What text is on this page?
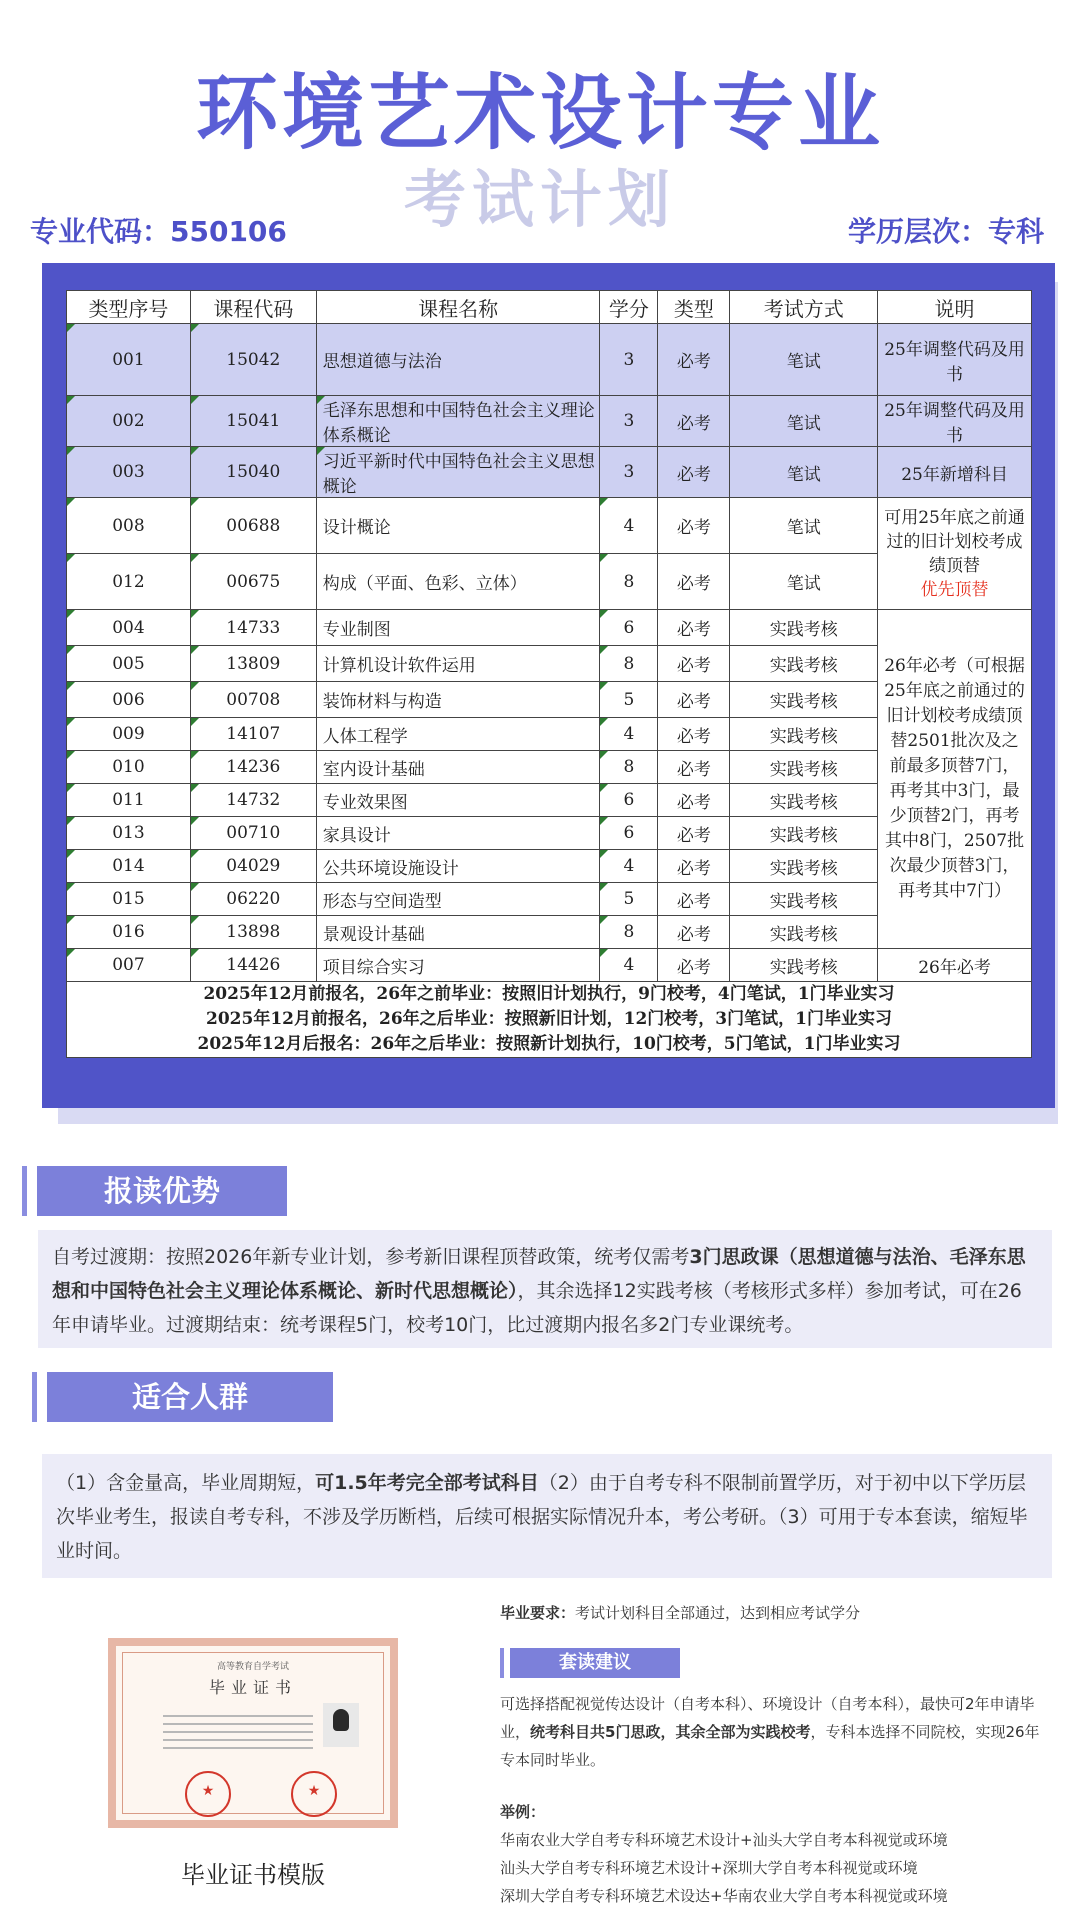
环境艺术设计专业
考试计划
专业代码：550106	学历层次：专科
类型序号	课程代码	课程名称	学分	类型	考试方式	说明
001	15042	思想道德与法治	3	必考	笔试	25年调整代码及用书
002	15041	毛泽东思想和中国特色社会主义理论体系概论	3	必考	笔试	25年调整代码及用书
003	15040	习近平新时代中国特色社会主义思想概论	3	必考	笔试	25年新增科目
008	00688	设计概论	4	必考	笔试	可用25年底之前通过的旧计划校考成绩顶替
优先顶替
012	00675	构成（平面、色彩、立体）	8	必考	笔试	
004	14733	专业制图	6	必考	实践考核	26年必考（可根据25年底之前通过的旧计划校考成绩顶替2501批次及之前最多顶替7门，再考其中3门，最少顶替2门，再考其中8门，2507批次最少顶替3门，再考其中7门）
005	13809	计算机设计软件运用	8	必考	实践考核	
006	00708	装饰材料与构造	5	必考	实践考核	
009	14107	人体工程学	4	必考	实践考核	
010	14236	室内设计基础	8	必考	实践考核	
011	14732	专业效果图	6	必考	实践考核	
013	00710	家具设计	6	必考	实践考核	
014	04029	公共环境设施设计	4	必考	实践考核	
015	06220	形态与空间造型	5	必考	实践考核	
016	13898	景观设计基础	8	必考	实践考核	
007	14426	项目综合实习	4	必考	实践考核	26年必考

2025年12月前报名，26年之前毕业：按照旧计划执行，9门校考，4门笔试，1门毕业实习
2025年12月前报名，26年之后毕业：按照新旧计划，12门校考，3门笔试，1门毕业实习
2025年12月后报名：26年之后毕业：按照新计划执行，10门校考，5门笔试，1门毕业实习						
报读优势
自考过渡期：按照2026年新专业计划，参考新旧课程顶替政策，统考仅需考3门思政课（思想道德与法治、毛泽东思想和中国特色社会主义理论体系概论、新时代思想概论），其余选择12实践考核（考核形式多样）参加考试，可在26年申请毕业。过渡期结束：统考课程5门，校考10门，比过渡期内报名多2门专业课统考。
适合人群
（1）含金量高，毕业周期短，可1.5年考完全部考试科目（2）由于自考专科不限制前置学历，对于初中以下学历层次毕业考生，报读自考专科，不涉及学历断档，后续可根据实际情况升本，考公考研。（3）可用于专本套读，缩短毕业时间。
高等教育自学考试
毕业证书
★
★
毕业证书模版
毕业要求：考试计划科目全部通过，达到相应考试学分
套读建议
可选择搭配视觉传达设计（自考本科）、环境设计（自考本科），最快可2年申请毕业，统考科目共5门思政，其余全部为实践校考，专科本选择不同院校，实现26年专本同时毕业。
举例：
华南农业大学自考专科环境艺术设计+汕头大学自考本科视觉或环境
汕头大学自考专科环境艺术设计+深圳大学自考本科视觉或环境
深圳大学自考专科环境艺术设达+华南农业大学自考本科视觉或环境
